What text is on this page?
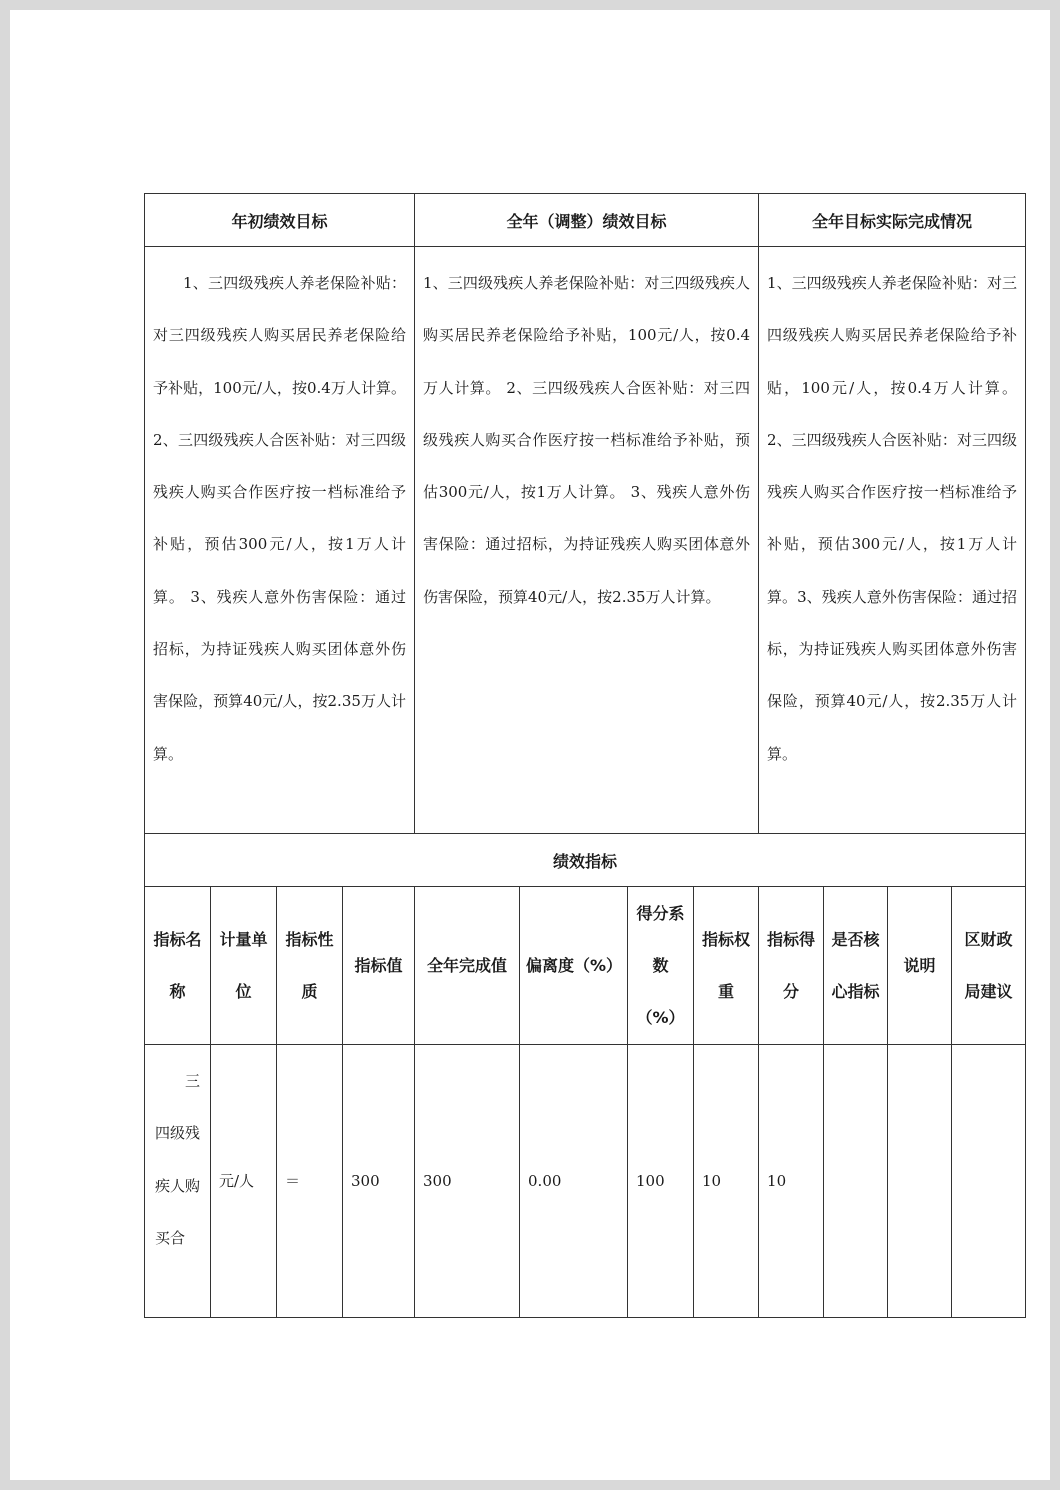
年初绩效目标				全年（调整）绩效目标				全年目标实际完成情况			
1、三四级残疾人养老保险补贴：对三四级残疾人购买居民养老保险给予补贴，100元/人，按0.4万人计算。 2、三四级残疾人合医补贴：对三四级残疾人购买合作医疗按一档标准给予补贴，预估300元/人，按1万人计算。 3、残疾人意外伤害保险：通过招标，为持证残疾人购买团体意外伤害保险，预算40元/人，按2.35万人计算。				1、三四级残疾人养老保险补贴：对三四级残疾人购买居民养老保险给予补贴，100元/人，按0.4万人计算。 2、三四级残疾人合医补贴：对三四级残疾人购买合作医疗按一档标准给予补贴，预估300元/人，按1万人计算。 3、残疾人意外伤害保险：通过招标，为持证残疾人购买团体意外伤害保险，预算40元/人，按2.35万人计算。				1、三四级残疾人养老保险补贴：对三四级残疾人购买居民养老保险给予补贴，100元/人，按0.4万人计算。 2、三四级残疾人合医补贴：对三四级残疾人购买合作医疗按一档标准给予补贴，预估300元/人，按1万人计算。3、残疾人意外伤害保险：通过招标，为持证残疾人购买团体意外伤害保险，预算40元/人，按2.35万人计算。			
绩效指标											
指标名称	计量单位	指标性质	指标值	全年完成值	偏离度（%）	得分系数（%）	指标权重	指标得分	是否核心指标	说明	区财政局建议
三四级残疾人购买合	元/人	＝	300	300	0.00	100	10	10			
